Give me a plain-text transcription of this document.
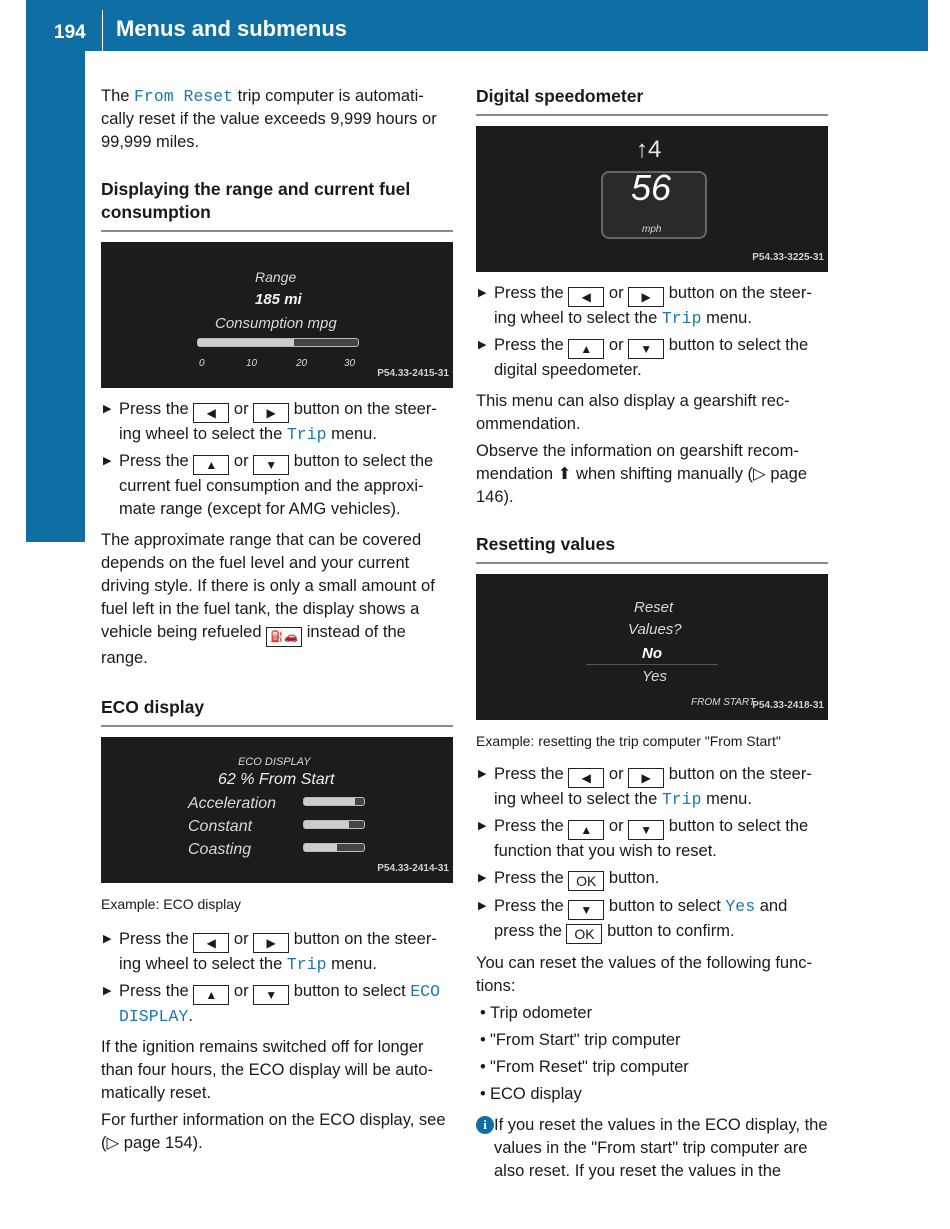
194 Menus and submenus
On-board computer and displays

The From Reset trip computer is automati-cally reset if the value exceeds 9,999 hours or 99,999 miles.

Displaying the range and current fuel consumption
Range
185 mi
Consumption mpg
0	10	20	30
P54.33-2415-31

▶ Press the ◀ or ▶ button on the steer-ing wheel to select the Trip menu.

▶ Press the ▲ or ▼ button to select the current fuel consumption and the approxi-mate range (except for AMG vehicles).

The approximate range that can be covered depends on the fuel level and your current driving style. If there is only a small amount of fuel left in the fuel tank, the display shows a vehicle being refueled ⛽🚗 instead of the range.

ECO display
ECO DISPLAY
62 % From Start
Acceleration
Constant
Coasting
P54.33-2414-31

Example: ECO display

▶ Press the ◀ or ▶ button on the steer-ing wheel to select the Trip menu.

▶ Press the ▲ or ▼ button to select ECO DISPLAY.

If the ignition remains switched off for longer than four hours, the ECO display will be auto-matically reset.

For further information on the ECO display, see (▷ page 154).

Digital speedometer
↑4
56
mph
P54.33-3225-31

▶ Press the ◀ or ▶ button on the steer-ing wheel to select the Trip menu.

▶ Press the ▲ or ▼ button to select the digital speedometer.

This menu can also display a gearshift rec-ommendation.

Observe the information on gearshift recom-mendation ⬆ when shifting manually (▷ page 146).

Resetting values
Reset
Values?
No
Yes
FROM START
P54.33-2418-31

Example: resetting the trip computer "From Start"

▶ Press the ◀ or ▶ button on the steer-ing wheel to select the Trip menu.

▶ Press the ▲ or ▼ button to select the function that you wish to reset.

▶ Press the OK button.

▶ Press the ▼ button to select Yes and press the OK button to confirm.

You can reset the values of the following func-tions:

• Trip odometer

• "From Start" trip computer

• "From Reset" trip computer

• ECO display

i If you reset the values in the ECO display, the values in the "From start" trip computer are also reset. If you reset the values in the
